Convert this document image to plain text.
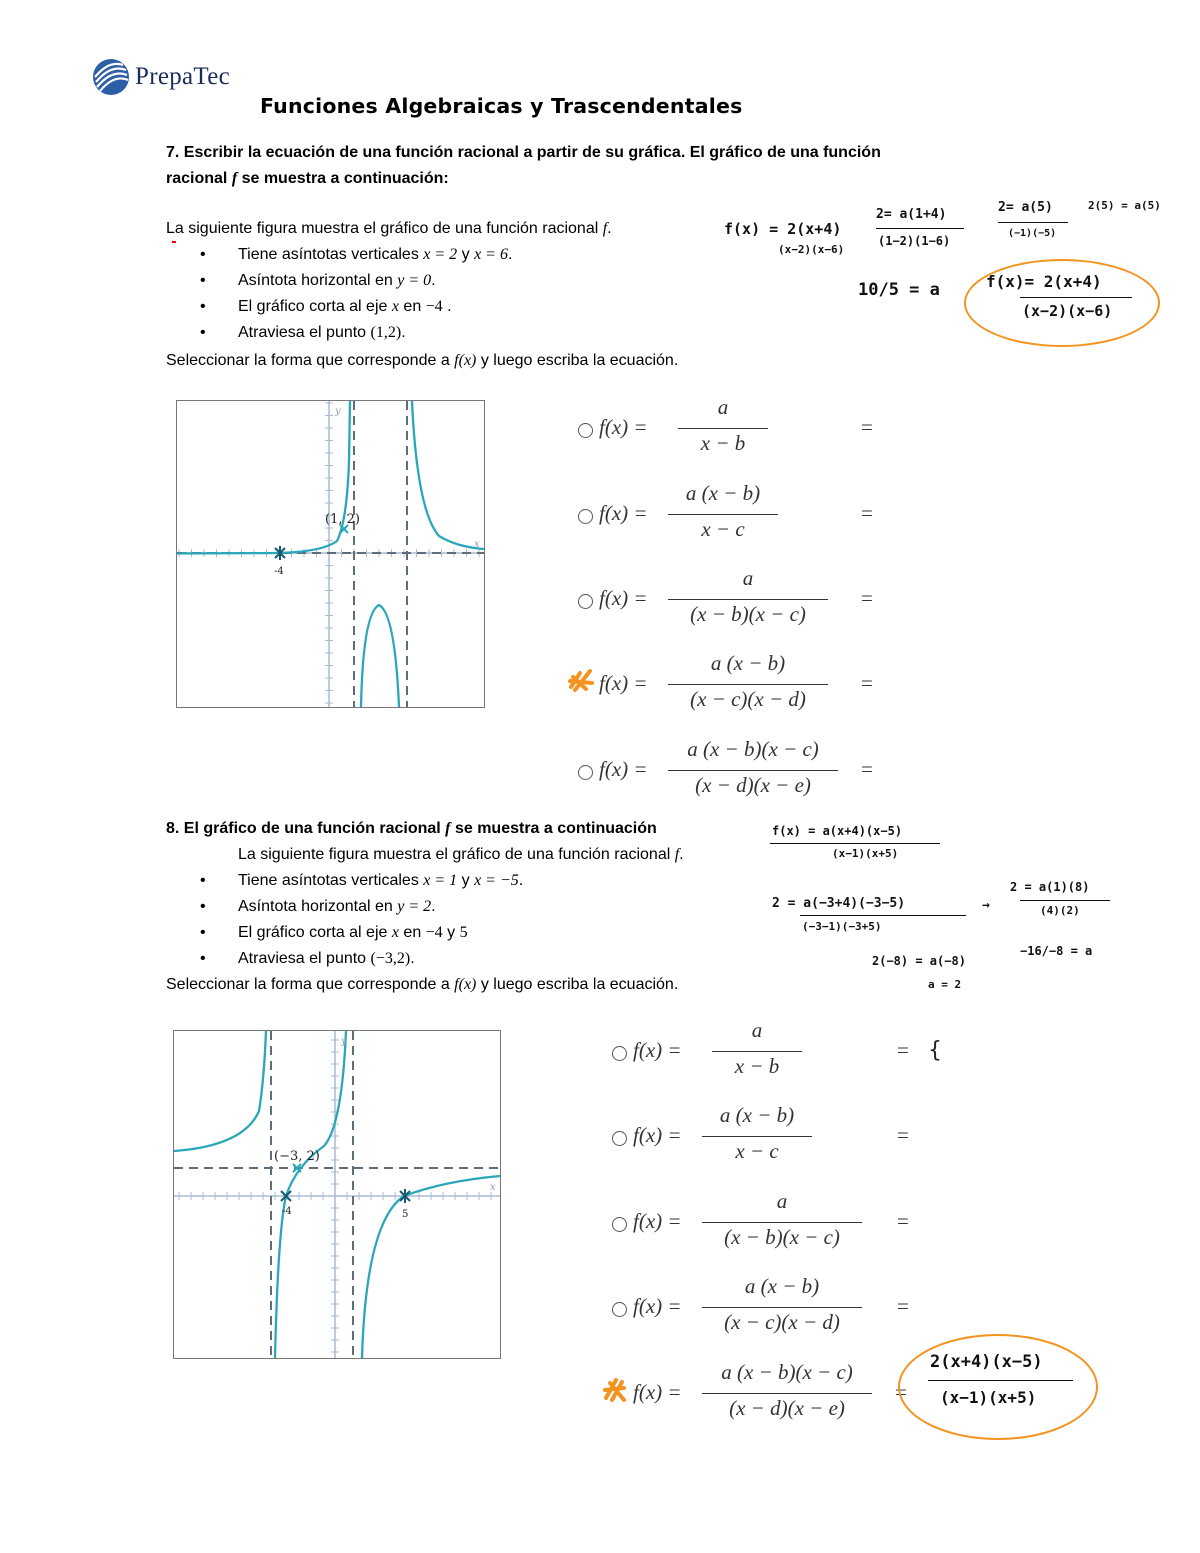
PrepaTec
Funciones Algebraicas y Trascendentales
7. Escribir la ecuación de una función racional a partir de su gráfica. El gráfico de una función
racional f se muestra a continuación:
La siguiente figura muestra el gráfico de una función racional f.
• Tiene asíntotas verticales x = 2 y x = 6.
• Asíntota horizontal en y = 0.
• El gráfico corta al eje x en −4 .
• Atraviesa el punto (1,2).
Seleccionar la forma que corresponde a f(x) y luego escriba la ecuación.
(1, 2)
-4
y
x
f(x) =
a
x − b
=
f(x) =
a (x − b)
x − c
=
f(x) =
a
(x − b)(x − c)
=
f(x) =
a (x − b)
(x − c)(x − d)
=
f(x) =
a (x − b)(x − c)
(x − d)(x − e)
=
f(x) = 2(x+4)
(x−2)(x−6)
2= a(1+4)
(1−2)(1−6)
2= a(5)
(−1)(−5)
2(5) = a(5)
10/5 = a	f(x)= 2(x+4)
(x−2)(x−6)
8. El gráfico de una función racional f se muestra a continuación
La siguiente figura muestra el gráfico de una función racional f.
• Tiene asíntotas verticales x = 1 y x = −5.
• Asíntota horizontal en y = 2.
• El gráfico corta al eje x en −4 y 5
• Atraviesa el punto (−3,2).
Seleccionar la forma que corresponde a f(x) y luego escriba la ecuación.
(−3, 2)
-4	5
y
x
f(x) =
a
x − b
= {
f(x) =
a (x − b)
x − c
=
f(x) =
a
(x − b)(x − c)
=
f(x) =
a (x − b)
(x − c)(x − d)
=
f(x) =
a (x − b)(x − c)
(x − d)(x − e)
=
f(x) = a(x+4)(x−5)
(x−1)(x+5)
2 = a(−3+4)(−3−5)
(−3−1)(−3+5)
→
2 = a(1)(8)
(4)(2)
2(−8) = a(−8)
−16/−8 = a
a = 2
2(x+4)(x−5)
(x−1)(x+5)
